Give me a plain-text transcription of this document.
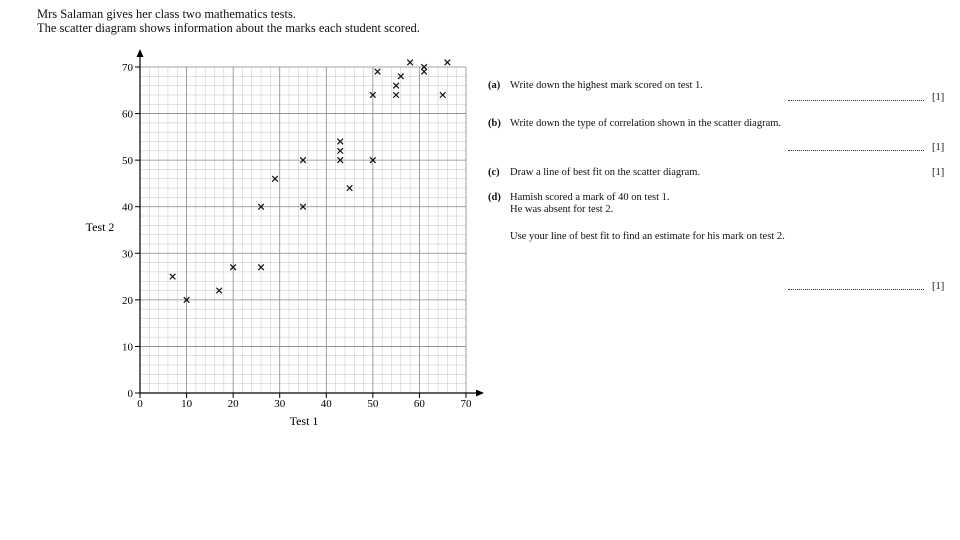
Mrs Salaman gives her class two mathematics tests.
The scatter diagram shows information about the marks each student scored.
0	10	20	30	40	50	60	70
0
10
20
30
40
50
60
70
Test 1
Test 2
(a) Write down the highest mark scored on test 1.
[1]
(b) Write down the type of correlation shown in the scatter diagram.
[1]
(c) Draw a line of best fit on the scatter diagram.	[1]
(d) Hamish scored a mark of 40 on test 1.
He was absent for test 2.
Use your line of best fit to find an estimate for his mark on test 2.
[1]
